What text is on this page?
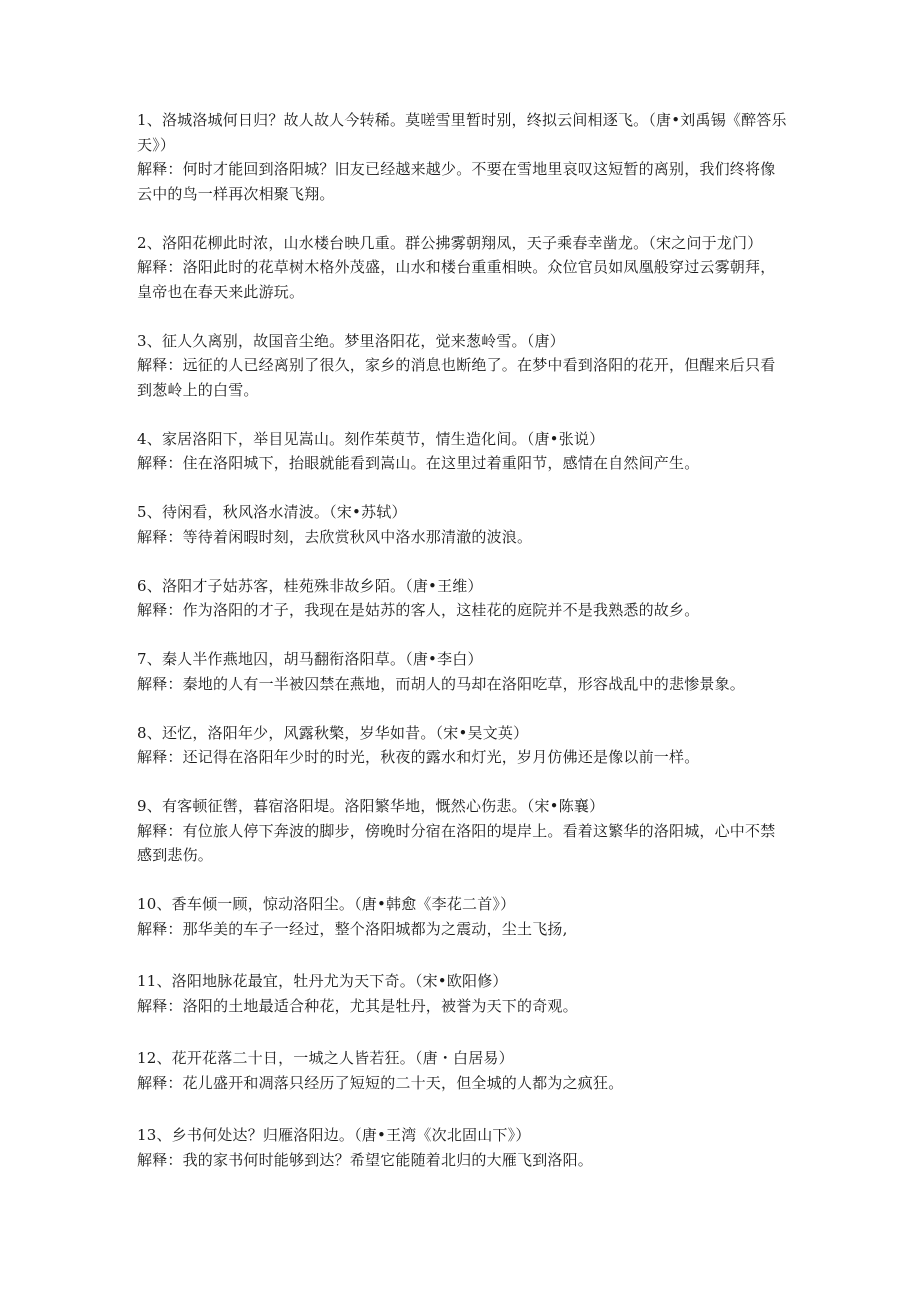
1、洛城洛城何日归？故人故人今转稀。莫嗟雪里暂时别，终拟云间相逐飞。（唐•刘禹锡《醉答乐天》）

解释：何时才能回到洛阳城？旧友已经越来越少。不要在雪地里哀叹这短暂的离别，我们终将像云中的鸟一样再次相聚飞翔。

2、洛阳花柳此时浓，山水楼台映几重。群公拂雾朝翔凤，天子乘春幸凿龙。（宋之问于龙门）

解释：洛阳此时的花草树木格外茂盛，山水和楼台重重相映。众位官员如凤凰般穿过云雾朝拜，皇帝也在春天来此游玩。

3、征人久离别，故国音尘绝。梦里洛阳花，觉来葱岭雪。（唐）

解释：远征的人已经离别了很久，家乡的消息也断绝了。在梦中看到洛阳的花开，但醒来后只看到葱岭上的白雪。

4、家居洛阳下，举目见嵩山。刻作茱萸节，情生造化间。（唐•张说）

解释：住在洛阳城下，抬眼就能看到嵩山。在这里过着重阳节，感情在自然间产生。

5、待闲看，秋风洛水清波。（宋•苏轼）

解释：等待着闲暇时刻，去欣赏秋风中洛水那清澈的波浪。

6、洛阳才子姑苏客，桂苑殊非故乡陌。（唐•王维）

解释：作为洛阳的才子，我现在是姑苏的客人，这桂花的庭院并不是我熟悉的故乡。

7、秦人半作燕地囚，胡马翻衔洛阳草。（唐•李白）

解释：秦地的人有一半被囚禁在燕地，而胡人的马却在洛阳吃草，形容战乱中的悲惨景象。

8、还忆，洛阳年少，风露秋檠，岁华如昔。（宋•吴文英）

解释：还记得在洛阳年少时的时光，秋夜的露水和灯光，岁月仿佛还是像以前一样。

9、有客顿征辔，暮宿洛阳堤。洛阳繁华地，慨然心伤悲。（宋•陈襄）

解释：有位旅人停下奔波的脚步，傍晚时分宿在洛阳的堤岸上。看着这繁华的洛阳城，心中不禁感到悲伤。

10、香车倾一顾，惊动洛阳尘。（唐•韩愈《李花二首》）

解释：那华美的车子一经过，整个洛阳城都为之震动，尘土飞扬,

11、洛阳地脉花最宜，牡丹尤为天下奇。（宋•欧阳修）

解释：洛阳的土地最适合种花，尤其是牡丹，被誉为天下的奇观。

12、花开花落二十日，一城之人皆若狂。（唐・白居易）

解释：花儿盛开和凋落只经历了短短的二十天，但全城的人都为之疯狂。

13、乡书何处达？归雁洛阳边。（唐•王湾《次北固山下》）

解释：我的家书何时能够到达？希望它能随着北归的大雁飞到洛阳。
